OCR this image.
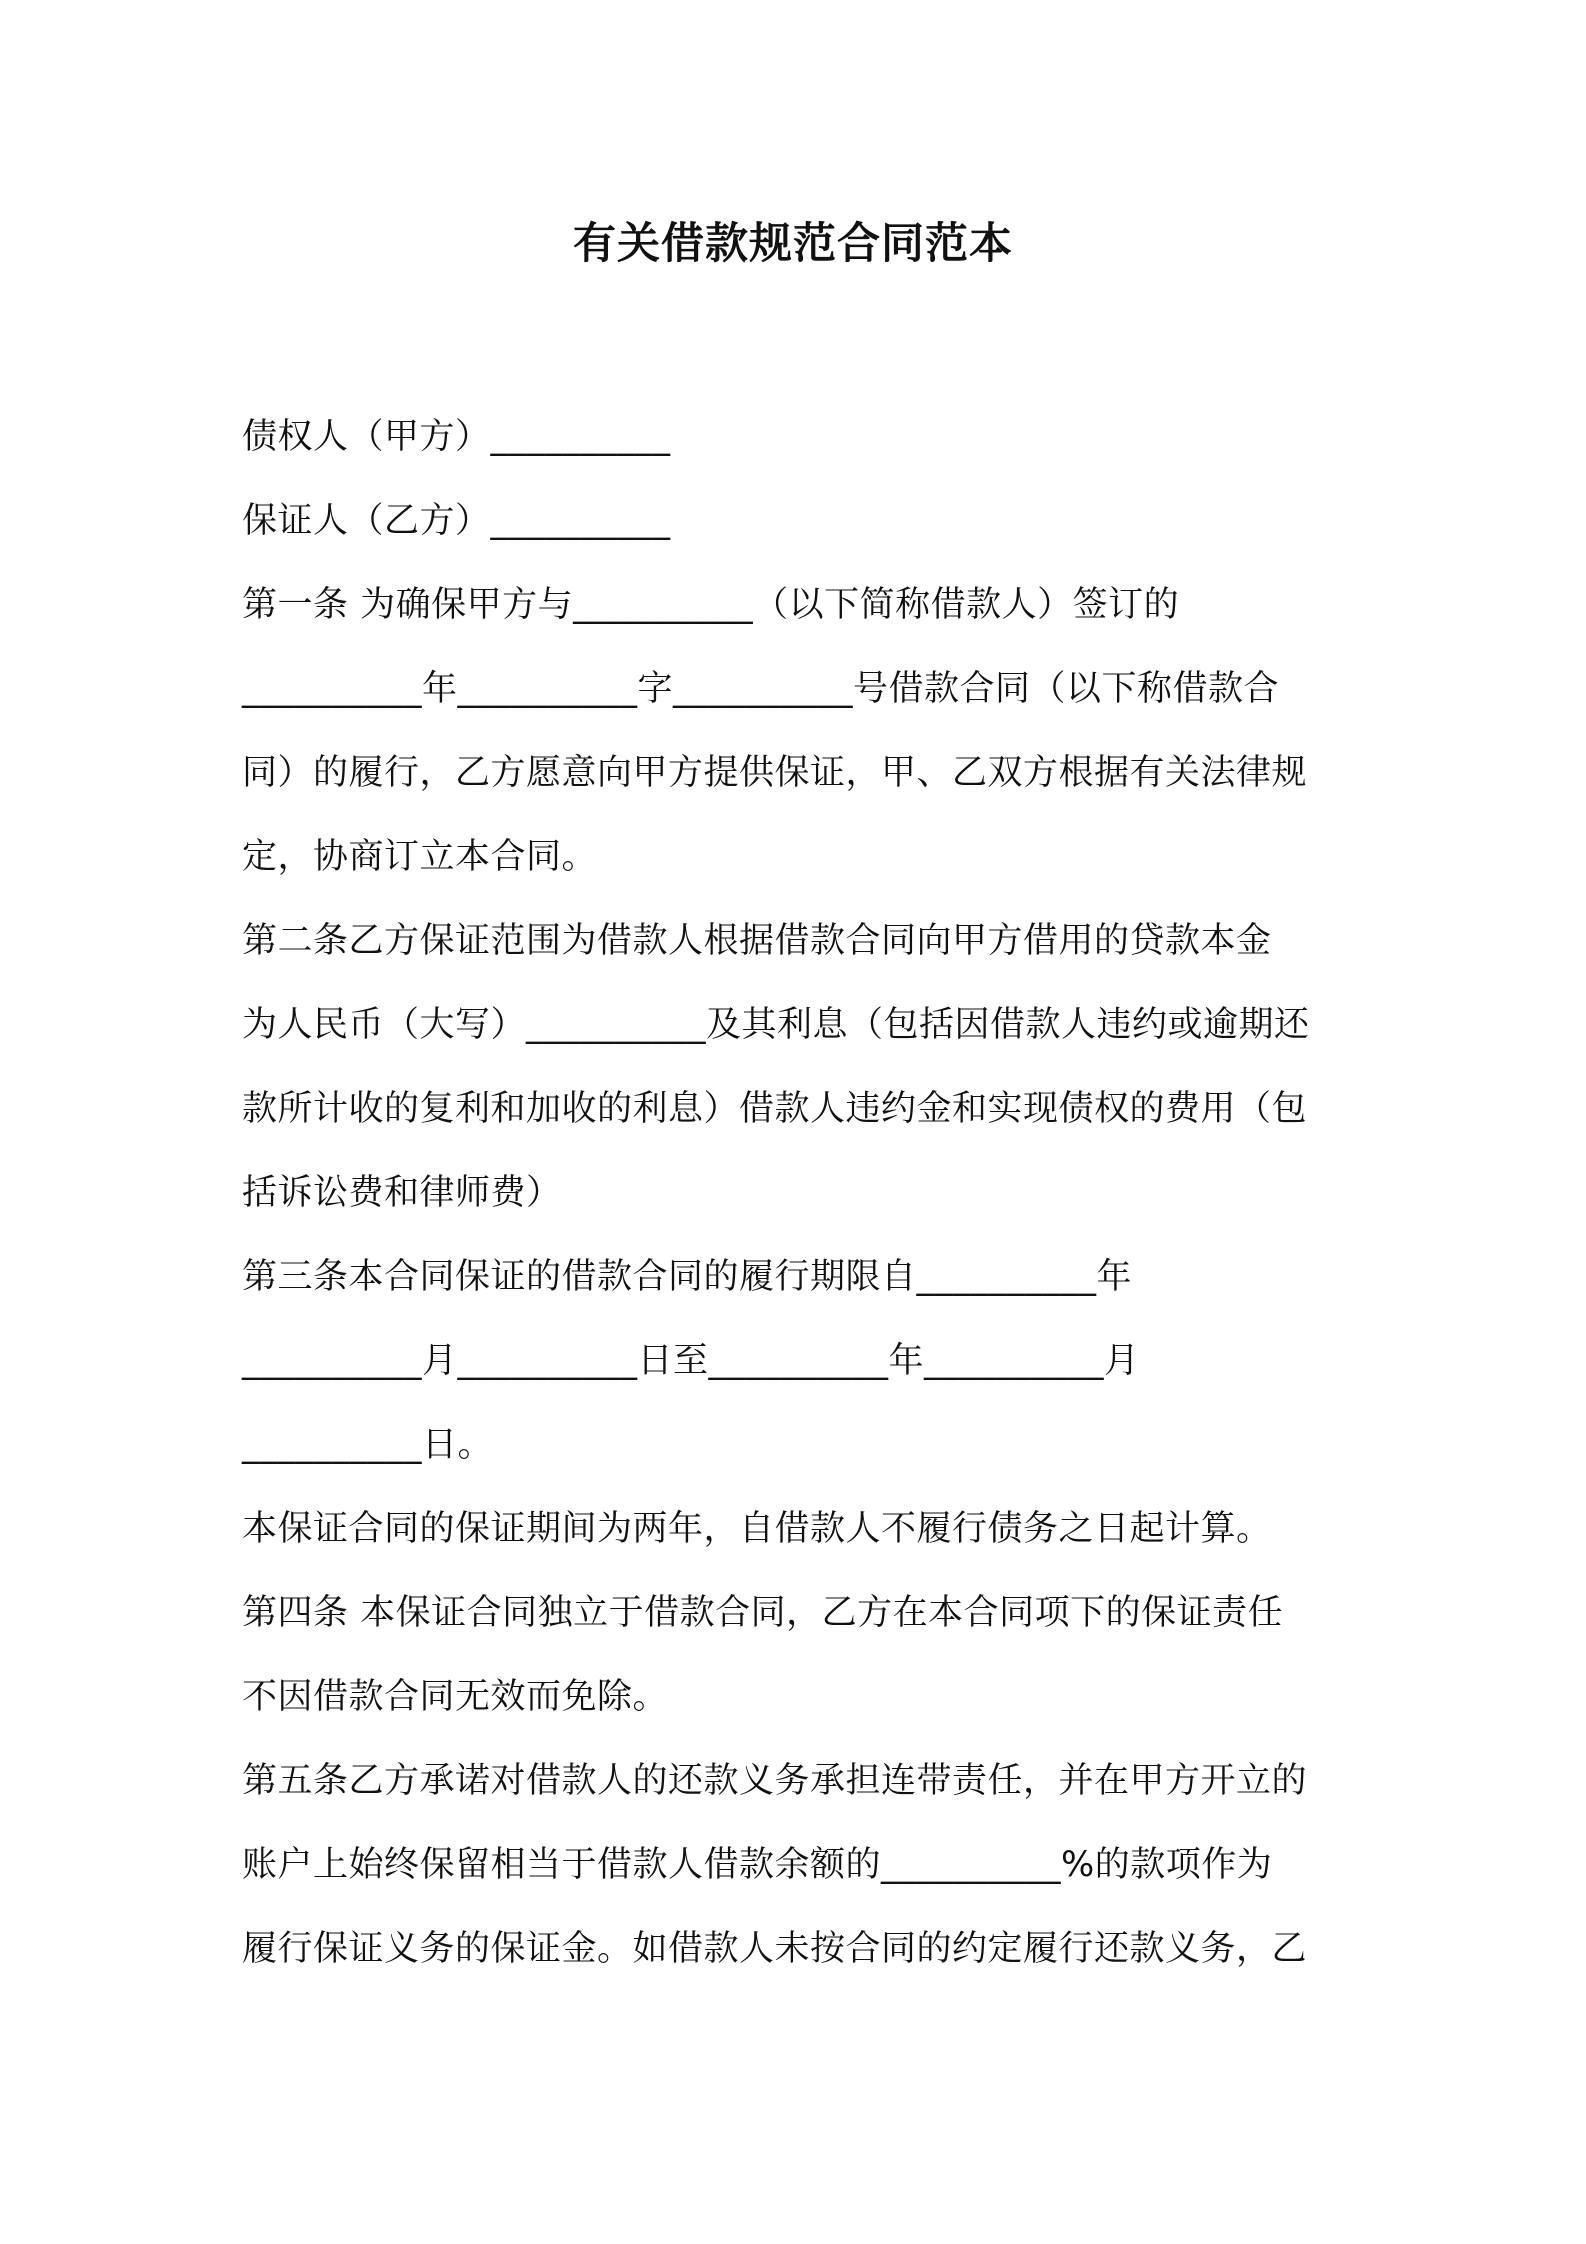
有关借款规范合同范本
债权人（甲方）__________
保证人（乙方）__________
第一条 为确保甲方与__________（以下简称借款人）签订的
__________年__________字__________号借款合同（以下称借款合
同）的履行，乙方愿意向甲方提供保证，甲、乙双方根据有关法律规
定，协商订立本合同。
第二条乙方保证范围为借款人根据借款合同向甲方借用的贷款本金
为人民币（大写）__________及其利息（包括因借款人违约或逾期还
款所计收的复利和加收的利息）借款人违约金和实现债权的费用（包
括诉讼费和律师费）
第三条本合同保证的借款合同的履行期限自__________年
__________月__________日至__________年__________月
__________日。
本保证合同的保证期间为两年，自借款人不履行债务之日起计算。
第四条 本保证合同独立于借款合同，乙方在本合同项下的保证责任
不因借款合同无效而免除。
第五条乙方承诺对借款人的还款义务承担连带责任，并在甲方开立的
账户上始终保留相当于借款人借款余额的__________%的款项作为
履行保证义务的保证金。如借款人未按合同的约定履行还款义务，乙
